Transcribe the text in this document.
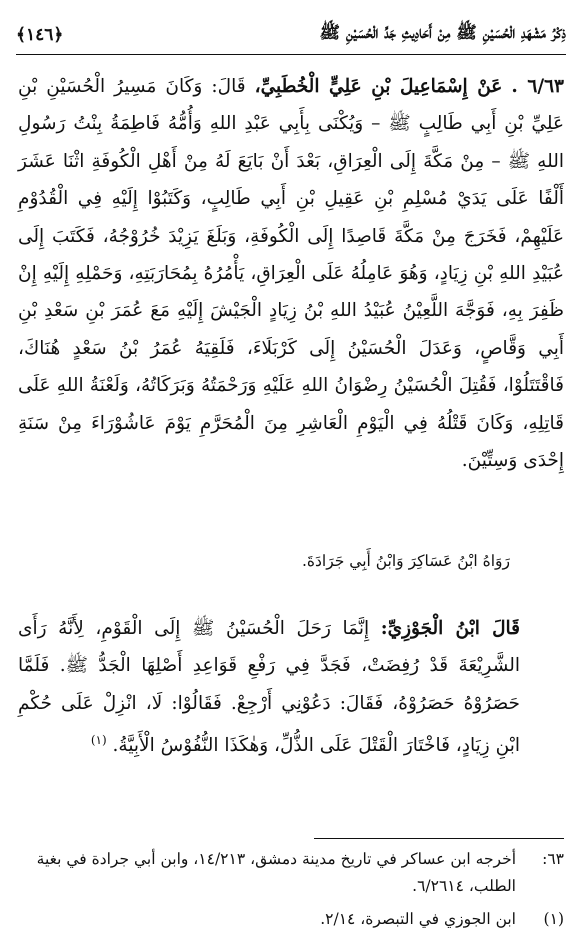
ذِكْرُ مَشْهَدِ الْحُسَيْنِ ﷺ مِنْ أَحَادِيثِ جَدِّ الْحُسَيْنِ ﷺ
﴿١٤٦﴾

٦/٦٣ . عَنْ إِسْمَاعِيلَ بْنِ عَلِيٍّ الْخُطَبِيِّ، قَالَ: وَكَانَ مَسِيرُ الْحُسَيْنِ بْنِ عَلِيِّ بْنِ أَبِي طَالِبٍ ﷺ – وَيُكْنَى بِأَبِي عَبْدِ اللهِ وَأُمُّهُ فَاطِمَةُ بِنْتُ رَسُولِ اللهِ ﷺ – مِنْ مَكَّةَ إِلَى الْعِرَاقِ، بَعْدَ أَنْ بَايَعَ لَهُ مِنْ أَهْلِ الْكُوفَةِ اثْنَا عَشَرَ أَلْفًا عَلَى يَدَيْ مُسْلِمِ بْنِ عَقِيلِ بْنِ أَبِي طَالِبٍ، وَكَتَبُوْا إِلَيْهِ فِي الْقُدُوْمِ عَلَيْهِمْ، فَخَرَجَ مِنْ مَكَّةَ قَاصِدًا إِلَى الْكُوفَةِ، وَبَلَغَ يَزِيْدَ خُرُوْجُهُ، فَكَتَبَ إِلَى عُبَيْدِ اللهِ بْنِ زِيَادٍ، وَهُوَ عَامِلُهُ عَلَى الْعِرَاقِ، يَأْمُرُهُ بِمُحَارَبَتِهِ، وَحَمْلِهِ إِلَيْهِ إِنْ ظَفِرَ بِهِ، فَوَجَّهَ اللَّعِيْنُ عُبَيْدُ اللهِ بْنُ زِيَادٍ الْجَيْشَ إِلَيْهِ مَعَ عُمَرَ بْنِ سَعْدِ بْنِ أَبِي وَقَّاصٍ، وَعَدَلَ الْحُسَيْنُ إِلَى كَرْبَلَاءَ، فَلَقِيَهُ عُمَرُ بْنُ سَعْدٍ هُنَاكَ، فَاقْتَتَلُوْا، فَقُتِلَ الْحُسَيْنُ رِضْوَانُ اللهِ عَلَيْهِ وَرَحْمَتُهُ وَبَرَكَاتُهُ، وَلَعْنَةُ اللهِ عَلَى قَاتِلِهِ، وَكَانَ قَتْلُهُ فِي الْيَوْمِ الْعَاشِرِ مِنَ الْمُحَرَّمِ يَوْمَ عَاشُوْرَاءَ مِنْ سَنَةِ إِحْدَى وَسِتِّيْنَ.

رَوَاهُ ابْنُ عَسَاكِرَ وَابْنُ أَبِي جَرَادَةَ.

قَالَ ابْنُ الْجَوْزِيِّ: إِنَّمَا رَحَلَ الْحُسَيْنُ ﷺ إِلَى الْقَوْمِ، لِأَنَّهُ رَأَى الشَّرِيْعَةَ قَدْ رُفِضَتْ، فَجَدَّ فِي رَفْعِ قَوَاعِدِ أَصْلِهَا الْجَدُّ ﷺ. فَلَمَّا حَصَرُوْهُ حَصَرُوْهُ، فَقَالَ: دَعُوْنِي أَرْجِعْ. فَقَالُوْا: لَا، انْزِلْ عَلَى حُكْمِ ابْنِ زِيَادٍ، فَاخْتَارَ الْقَتْلَ عَلَى الذُّلِّ، وَهٰكَذَا النُّفُوْسُ الْأَبِيَّةُ. $^{(١)}$

٦٣:
أخرجه ابن عساكر في تاريخ مدينة دمشق، ١٤/٢١٣، وابن أبي جرادة في بغية الطلب، ٦/٢٦١٤.
(١)
ابن الجوزي في التبصرة، ٢/١٤.
